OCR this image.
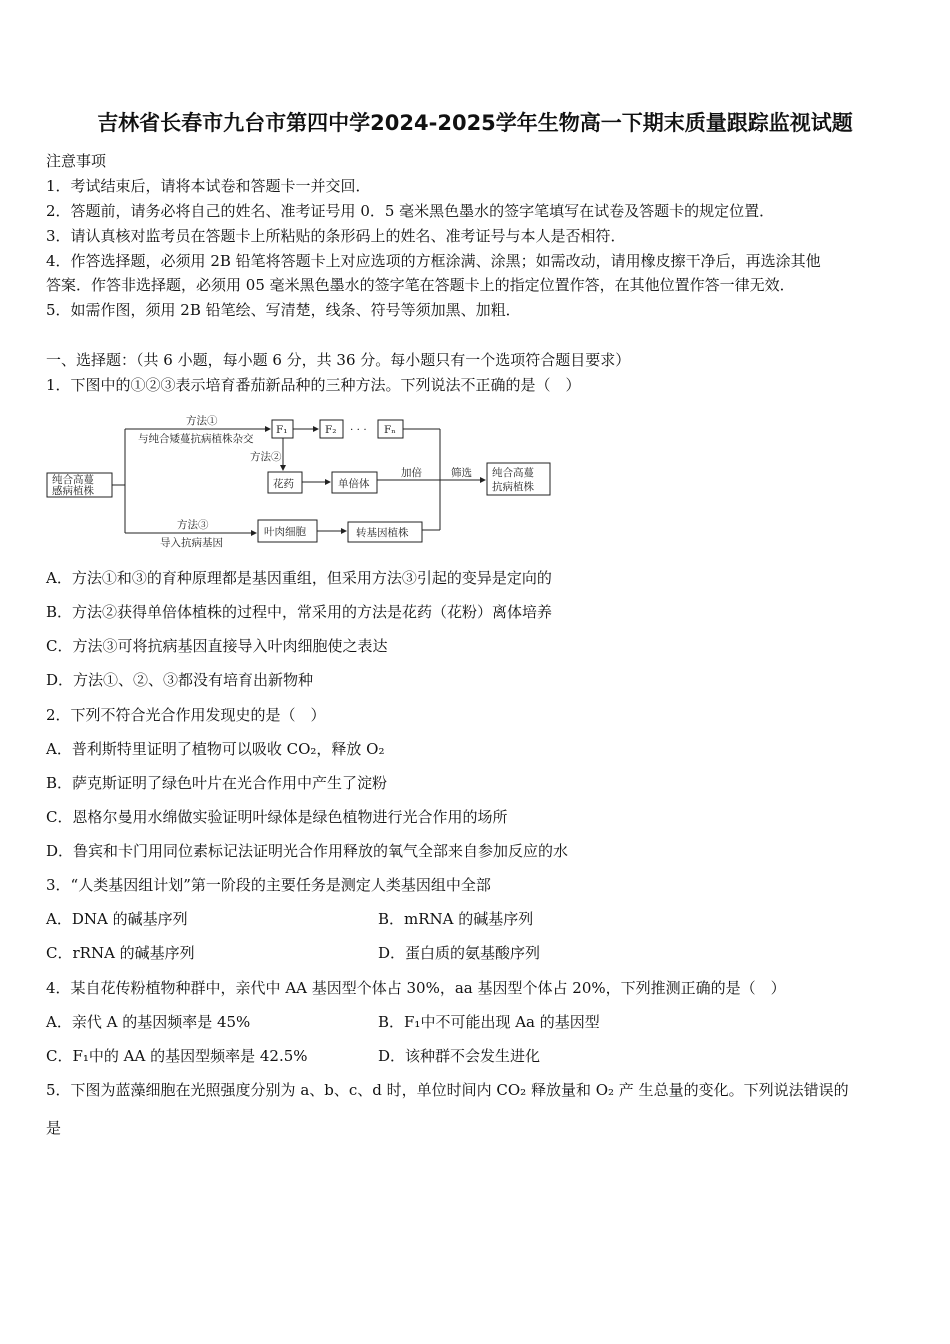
吉林省长春市九台市第四中学2024-2025学年生物高一下期末质量跟踪监视试题
注意事项
1．考试结束后，请将本试卷和答题卡一并交回．
2．答题前，请务必将自己的姓名、准考证号用 0．5 毫米黑色墨水的签字笔填写在试卷及答题卡的规定位置．
3．请认真核对监考员在答题卡上所粘贴的条形码上的姓名、准考证号与本人是否相符．
4．作答选择题，必须用 2B 铅笔将答题卡上对应选项的方框涂满、涂黑；如需改动，请用橡皮擦干净后，再选涂其他
答案．作答非选择题，必须用 05 毫米黑色墨水的签字笔在答题卡上的指定位置作答，在其他位置作答一律无效．
5．如需作图，须用 2B 铅笔绘、写清楚，线条、符号等须加黑、加粗．
一、选择题：（共 6 小题，每小题 6 分，共 36 分。每小题只有一个选项符合题目要求）
1．下图中的①②③表示培育番茄新品种的三种方法。下列说法不正确的是（　）
纯合高蔓
感病植株
方法①
与纯合矮蔓抗病植株杂交
F₁	F₂ · · · Fₙ
方法②
花药	单倍体
加倍	筛选 纯合高蔓
抗病植株
方法③
导入抗病基因
叶肉细胞	转基因植株
A．方法①和③的育种原理都是基因重组，但采用方法③引起的变异是定向的
B．方法②获得单倍体植株的过程中，常采用的方法是花药（花粉）离体培养
C．方法③可将抗病基因直接导入叶肉细胞使之表达
D．方法①、②、③都没有培育出新物种
2．下列不符合光合作用发现史的是（　）
A．普利斯特里证明了植物可以吸收 CO₂，释放 O₂
B．萨克斯证明了绿色叶片在光合作用中产生了淀粉
C．恩格尔曼用水绵做实验证明叶绿体是绿色植物进行光合作用的场所
D．鲁宾和卡门用同位素标记法证明光合作用释放的氧气全部来自参加反应的水
3．“人类基因组计划”第一阶段的主要任务是测定人类基因组中全部
A．DNA 的碱基序列	B．mRNA 的碱基序列
C．rRNA 的碱基序列	D．蛋白质的氨基酸序列
4．某自花传粉植物种群中，亲代中 AA 基因型个体占 30%，aa 基因型个体占 20%，下列推测正确的是（　）
A．亲代 A 的基因频率是 45%	B．F₁中不可能出现 Aa 的基因型
C．F₁中的 AA 的基因型频率是 42.5%	D．该种群不会发生进化
5．下图为蓝藻细胞在光照强度分别为 a、b、c、d 时，单位时间内 CO₂ 释放量和 O₂ 产 生总量的变化。下列说法错误的
是
